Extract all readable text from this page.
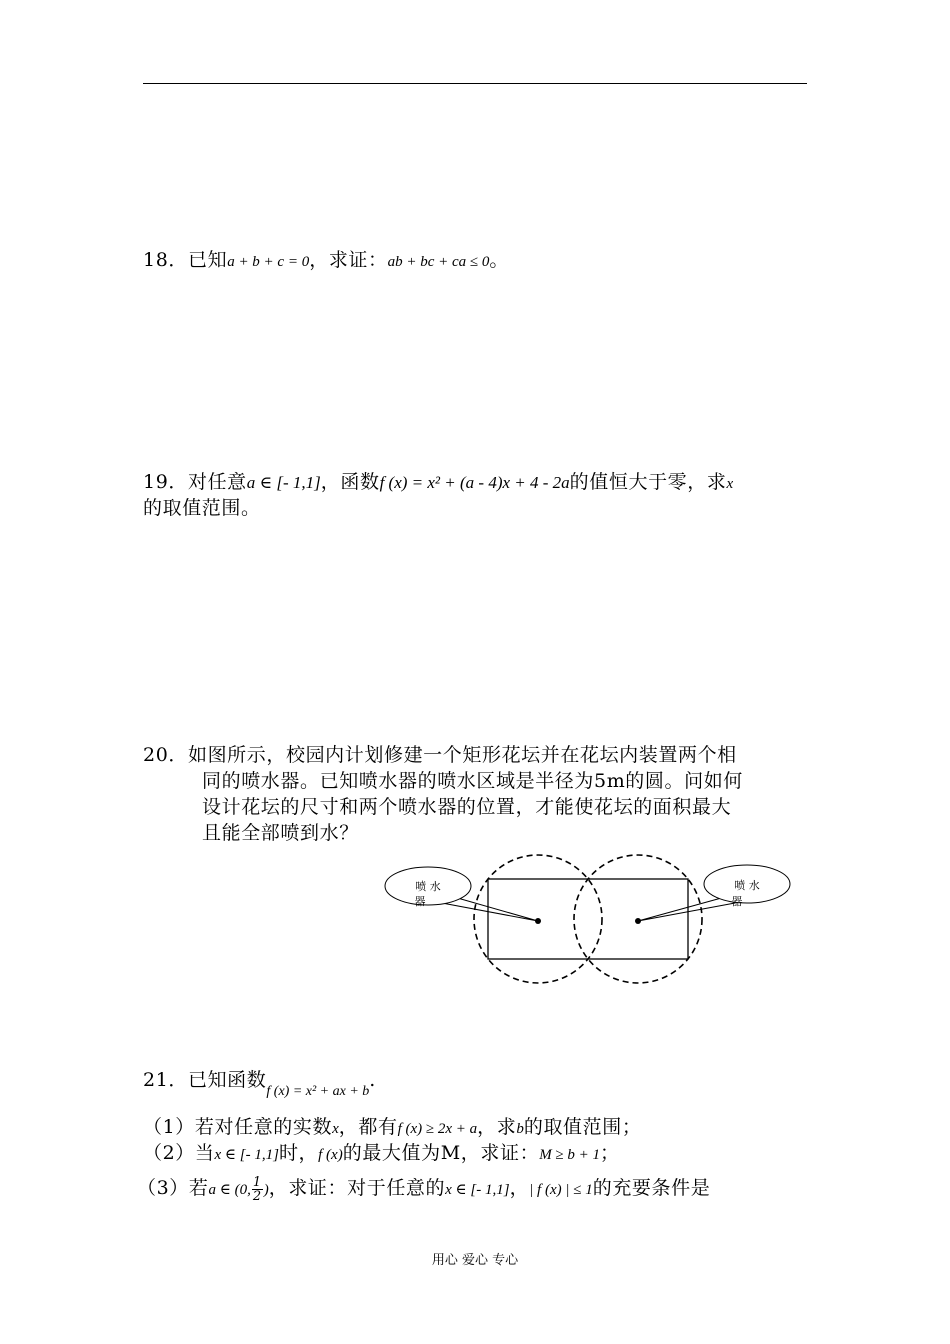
18．已知a + b + c = 0，求证：ab + bc + ca ≤ 0。
19．对任意a ∈ [- 1,1]，函数f (x) = x² + (a - 4)x + 4 - 2a的值恒大于零，求x
的取值范围。
20．如图所示，校园内计划修建一个矩形花坛并在花坛内装置两个相
同的喷水器。已知喷水器的喷水区域是半径为5m的圆。问如何
设计花坛的尺寸和两个喷水器的位置，才能使花坛的面积最大
且能全部喷到水？
喷 水
器
喷 水
器
21．已知函数$_{f (x) = x^2 + ax + b}$.
（1）若对任意的实数x，都有f (x) ≥ 2x + a，求b的取值范围；
（2）当x ∈ [- 1,1]时，f (x)的最大值为M，求证：M ≥ b + 1；
（3）若a ∈ (0, $\frac{1}{2}$ )，求证：对于任意的x ∈ [- 1,1]，| f (x) | ≤ 1的充要条件是
用心 爱心 专心
